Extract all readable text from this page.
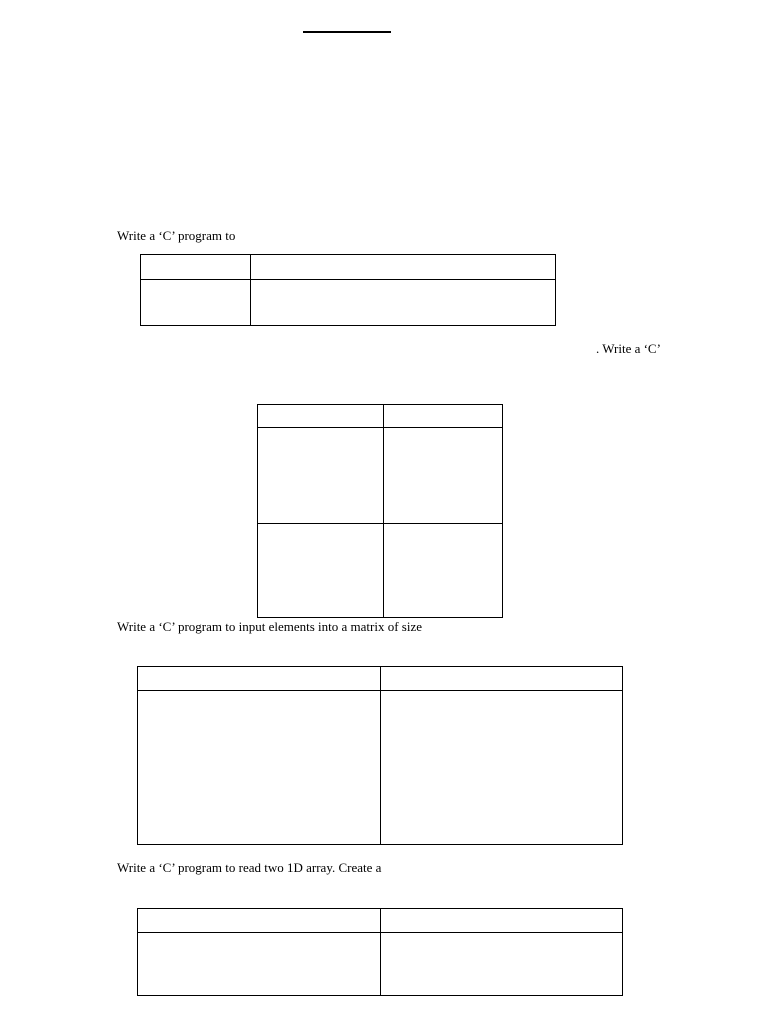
Write a ‘C’ program to
. Write a ‘C’
Write a ‘C’ program to input elements into a matrix of size
Write a ‘C’ program to read two 1D array. Create a
